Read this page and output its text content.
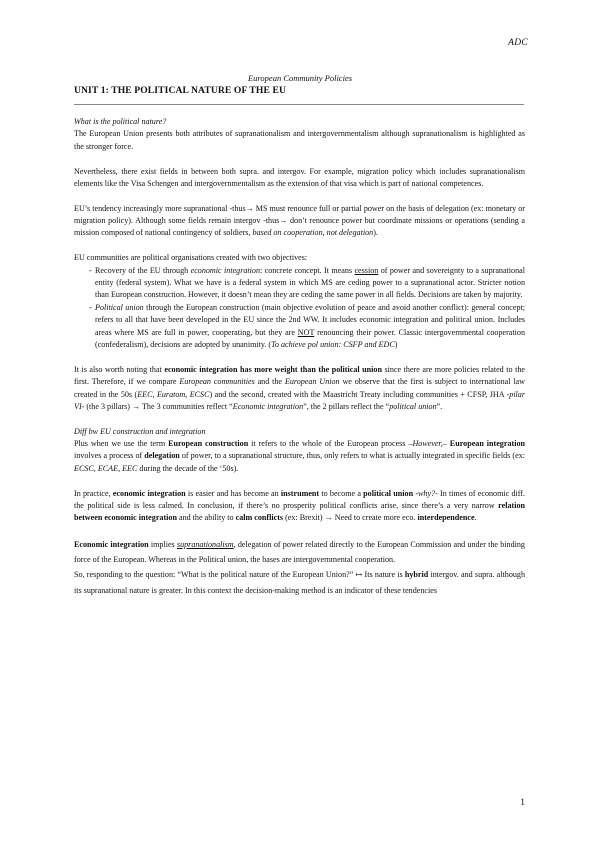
ADC
European Community Policies
UNIT 1: THE POLITICAL NATURE OF THE EU

What is the political nature?

The European Union presents both attributes of supranationalism and intergovernmentalism although supranationalism is highlighted as the stronger force.

Nevertheless, there exist fields in between both supra. and intergov. For example, migration policy which includes supranationalism elements like the Visa Schengen and intergovernmentalism as the extension of that visa which is part of national competences.

EU’s tendency increasingly more supranational -thus→ MS must renounce full or partial power on the basis of delegation (ex: monetary or migration policy). Although some fields remain intergov -thus→ don’t renounce power but coordinate missions or operations (sending a mission composed of national contingency of soldiers, based on cooperation, not delegation).

EU communities are political organisations created with two objectives:

- Recovery of the EU through economic integration: concrete concept. It means cession of power and sovereignty to a supranational entity (federal system). What we have is a federal system in which MS are ceding power to a supranational actor. Stricter notion than European construction. However, it doesn’t mean they are ceding the same power in all fields. Decisions are taken by majority.
- Political union through the European construction (main objective evolution of peace and avoid another conflict): general concept; refers to all that have been developed in the EU since the 2nd WW. It includes economic integration and political union. Includes areas where MS are full in power, cooperating, but they are NOT renouncing their power. Classic intergovernmental cooperation (confederalism), decisions are adopted by unanimity. (To achieve pol union: CSFP and EDC)

It is also worth noting that economic integration has more weight than the political union since there are more policies related to the first. Therefore, if we compare European communities and the European Union we observe that the first is subject to international law created in the 50s (EEC, Euratom, ECSC) and the second, created with the Maastricht Treaty including communities + CFSP, JHA -pilar VI- (the 3 pillars) → The 3 communities reflect “Economic integration”, the 2 pillars reflect the “political union”.

Diff bw EU construction and integration

Plus when we use the term European construction it refers to the whole of the European process –However,– European integration involves a process of delegation of power, to a supranational structure, thus, only refers to what is actually integrated in specific fields (ex: ECSC, ECAE, EEC during the decade of the ‘50s).

In practice, economic integration is easier and has become an instrument to become a political union -why?- In times of economic diff. the political side is less calmed. In conclusion, if there’s no prosperity political conflicts arise, since there’s a very narrow relation between economic integration and the ability to calm conflicts (ex: Brexit) → Need to create more eco. interdependence.

Economic integration implies supranationalism, delegation of power related directly to the European Commission and under the binding force of the European. Whereas in the Political union, the bases are intergovernmental cooperation.

So, responding to the question: “What is the political nature of the European Union?” ↦ Its nature is hybrid intergov. and supra. although its supranational nature is greater. In this context the decision-making method is an indicator of these tendencies

1
